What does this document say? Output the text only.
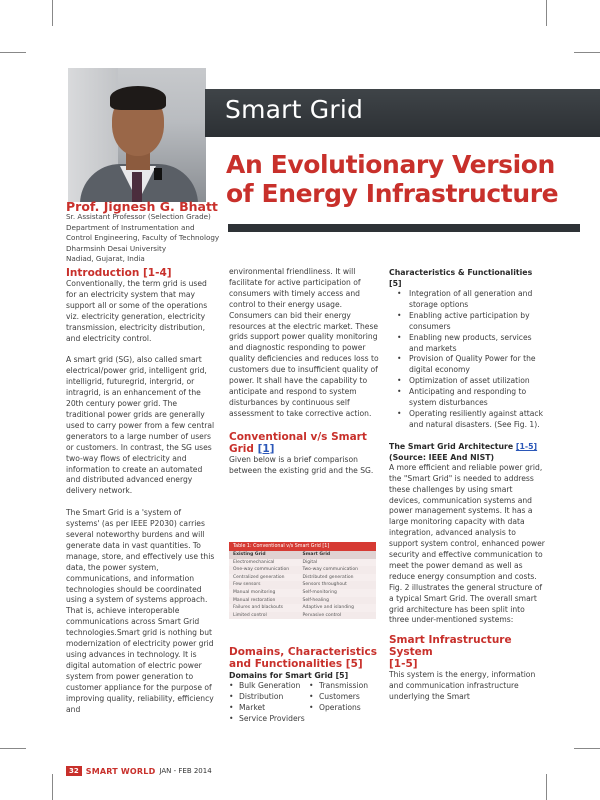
Smart Grid
An Evolutionary Version
of Energy Infrastructure
Prof. Jignesh G. Bhatt
Sr. Assistant Professor (Selection Grade)
Department of Instrumentation and
Control Engineering, Faculty of Technology
Dharmsinh Desai University
Nadiad, Gujarat, India
Introduction [1-4]

Conventionally, the term grid is used for an electricity system that may support all or some of the operations viz. electricity generation, electricity transmission, electricity distribution, and electricity control.

A smart grid (SG), also called smart electrical/power grid, intelligent grid, intelligrid, futuregrid, intergrid, or intragrid, is an enhancement of the 20th century power grid. The traditional power grids are generally used to carry power from a few central generators to a large number of users or customers. In contrast, the SG uses two-way flows of electricity and information to create an automated and distributed advanced energy delivery network.

The Smart Grid is a 'system of systems' (as per IEEE P2030) carries several noteworthy burdens and will generate data in vast quantities. To manage, store, and effectively use this data, the power system, communications, and information technologies should be coordinated using a system of systems approach. That is, achieve interoperable communications across Smart Grid technologies.Smart grid is nothing but modernization of electricity power grid using advances in technology. It is digital automation of electric power system from power generation to customer appliance for the purpose of improving quality, reliability, efficiency and

environmental friendliness. It will facilitate for active participation of consumers with timely access and control to their energy usage. Consumers can bid their energy resources at the electric market. These grids support power quality monitoring and diagnostic responding to power quality deficiencies and reduces loss to customers due to insufficient quality of power. It shall have the capability to anticipate and respond to system disturbances by continuous self assessment to take corrective action.

Conventional v/s Smart
Grid [1]

Given below is a brief comparison between the existing grid and the SG.

Table 1: Conventional v/s Smart Grid [1]
Existing Grid	Smart Grid
Electromechanical	Digital
One-way communication	Two-way communication
Centralized generation	Distributed generation
Few sensors	Sensors throughout
Manual monitoring	Self-monitoring
Manual restoration	Self-healing
Failures and blackouts	Adaptive and islanding
Limited control	Pervasive control
Domains, Characteristics
and Functionalities [5]
Domains for Smart Grid [5]
• Bulk Generation	• Transmission
• Distribution	• Customers
• Market	• Operations
• Service Providers
Characteristics & Functionalities [5]
• Integration of all generation and storage options
• Enabling active participation by consumers
• Enabling new products, services and markets
• Provision of Quality Power for the digital economy
• Optimization of asset utilization
• Anticipating and responding to system disturbances
• Operating resiliently against attack and natural disasters. (See Fig. 1).
The Smart Grid Architecture [1-5]
(Source: IEEE And NIST)

A more efficient and reliable power grid, the "Smart Grid" is needed to address these challenges by using smart devices, communication systems and power management systems. It has a large monitoring capacity with data integration, advanced analysis to support system control, enhanced power security and effective communication to meet the power demand as well as reduce energy consumption and costs. Fig. 2 illustrates the general structure of a typical Smart Grid. The overall smart grid architecture has been split into three under-mentioned systems:

Smart Infrastructure System
[1-5]

This system is the energy, information and communication infrastructure underlying the Smart

32 SMART WORLD JAN - FEB 2014
